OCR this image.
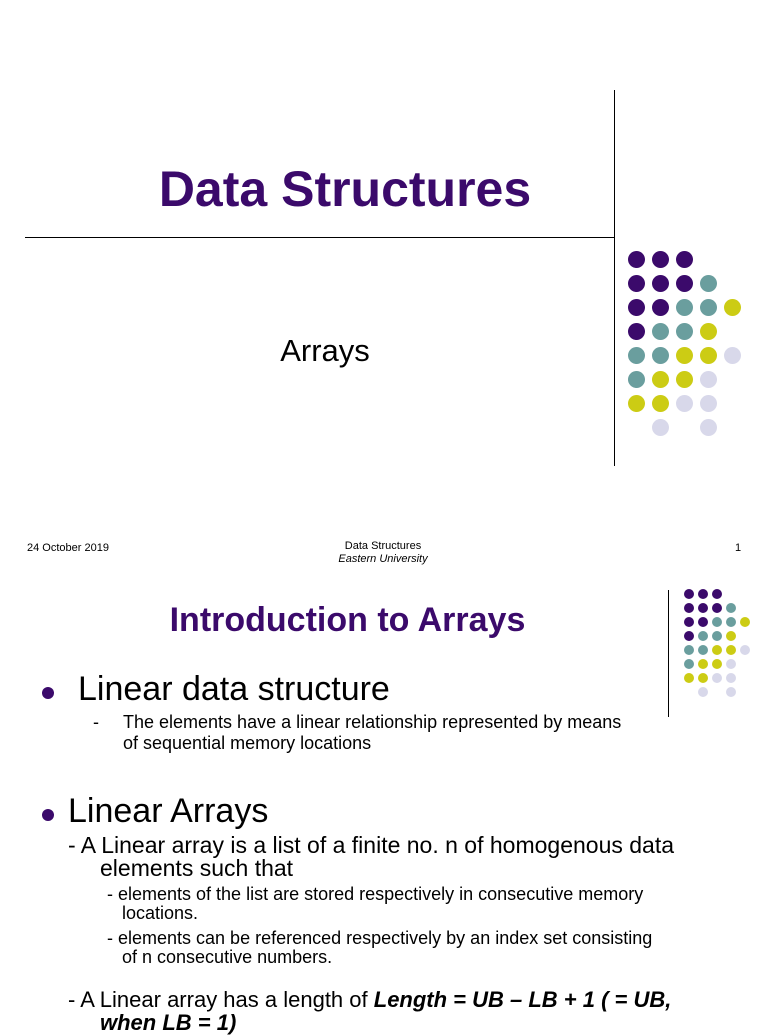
Data Structures
Arrays
24 October 2019	Data Structures
Eastern University
1
Introduction to Arrays
Linear data structure
- The elements have a linear relationship represented by means
of sequential memory locations
Linear Arrays
- A Linear array is a list of a finite no. n of homogenous data
elements such that
- elements of the list are stored respectively in consecutive memory
locations.
- elements can be referenced respectively by an index set consisting
of n consecutive numbers.
- A Linear array has a length of Length = UB – LB + 1 ( = UB,
when LB = 1)
